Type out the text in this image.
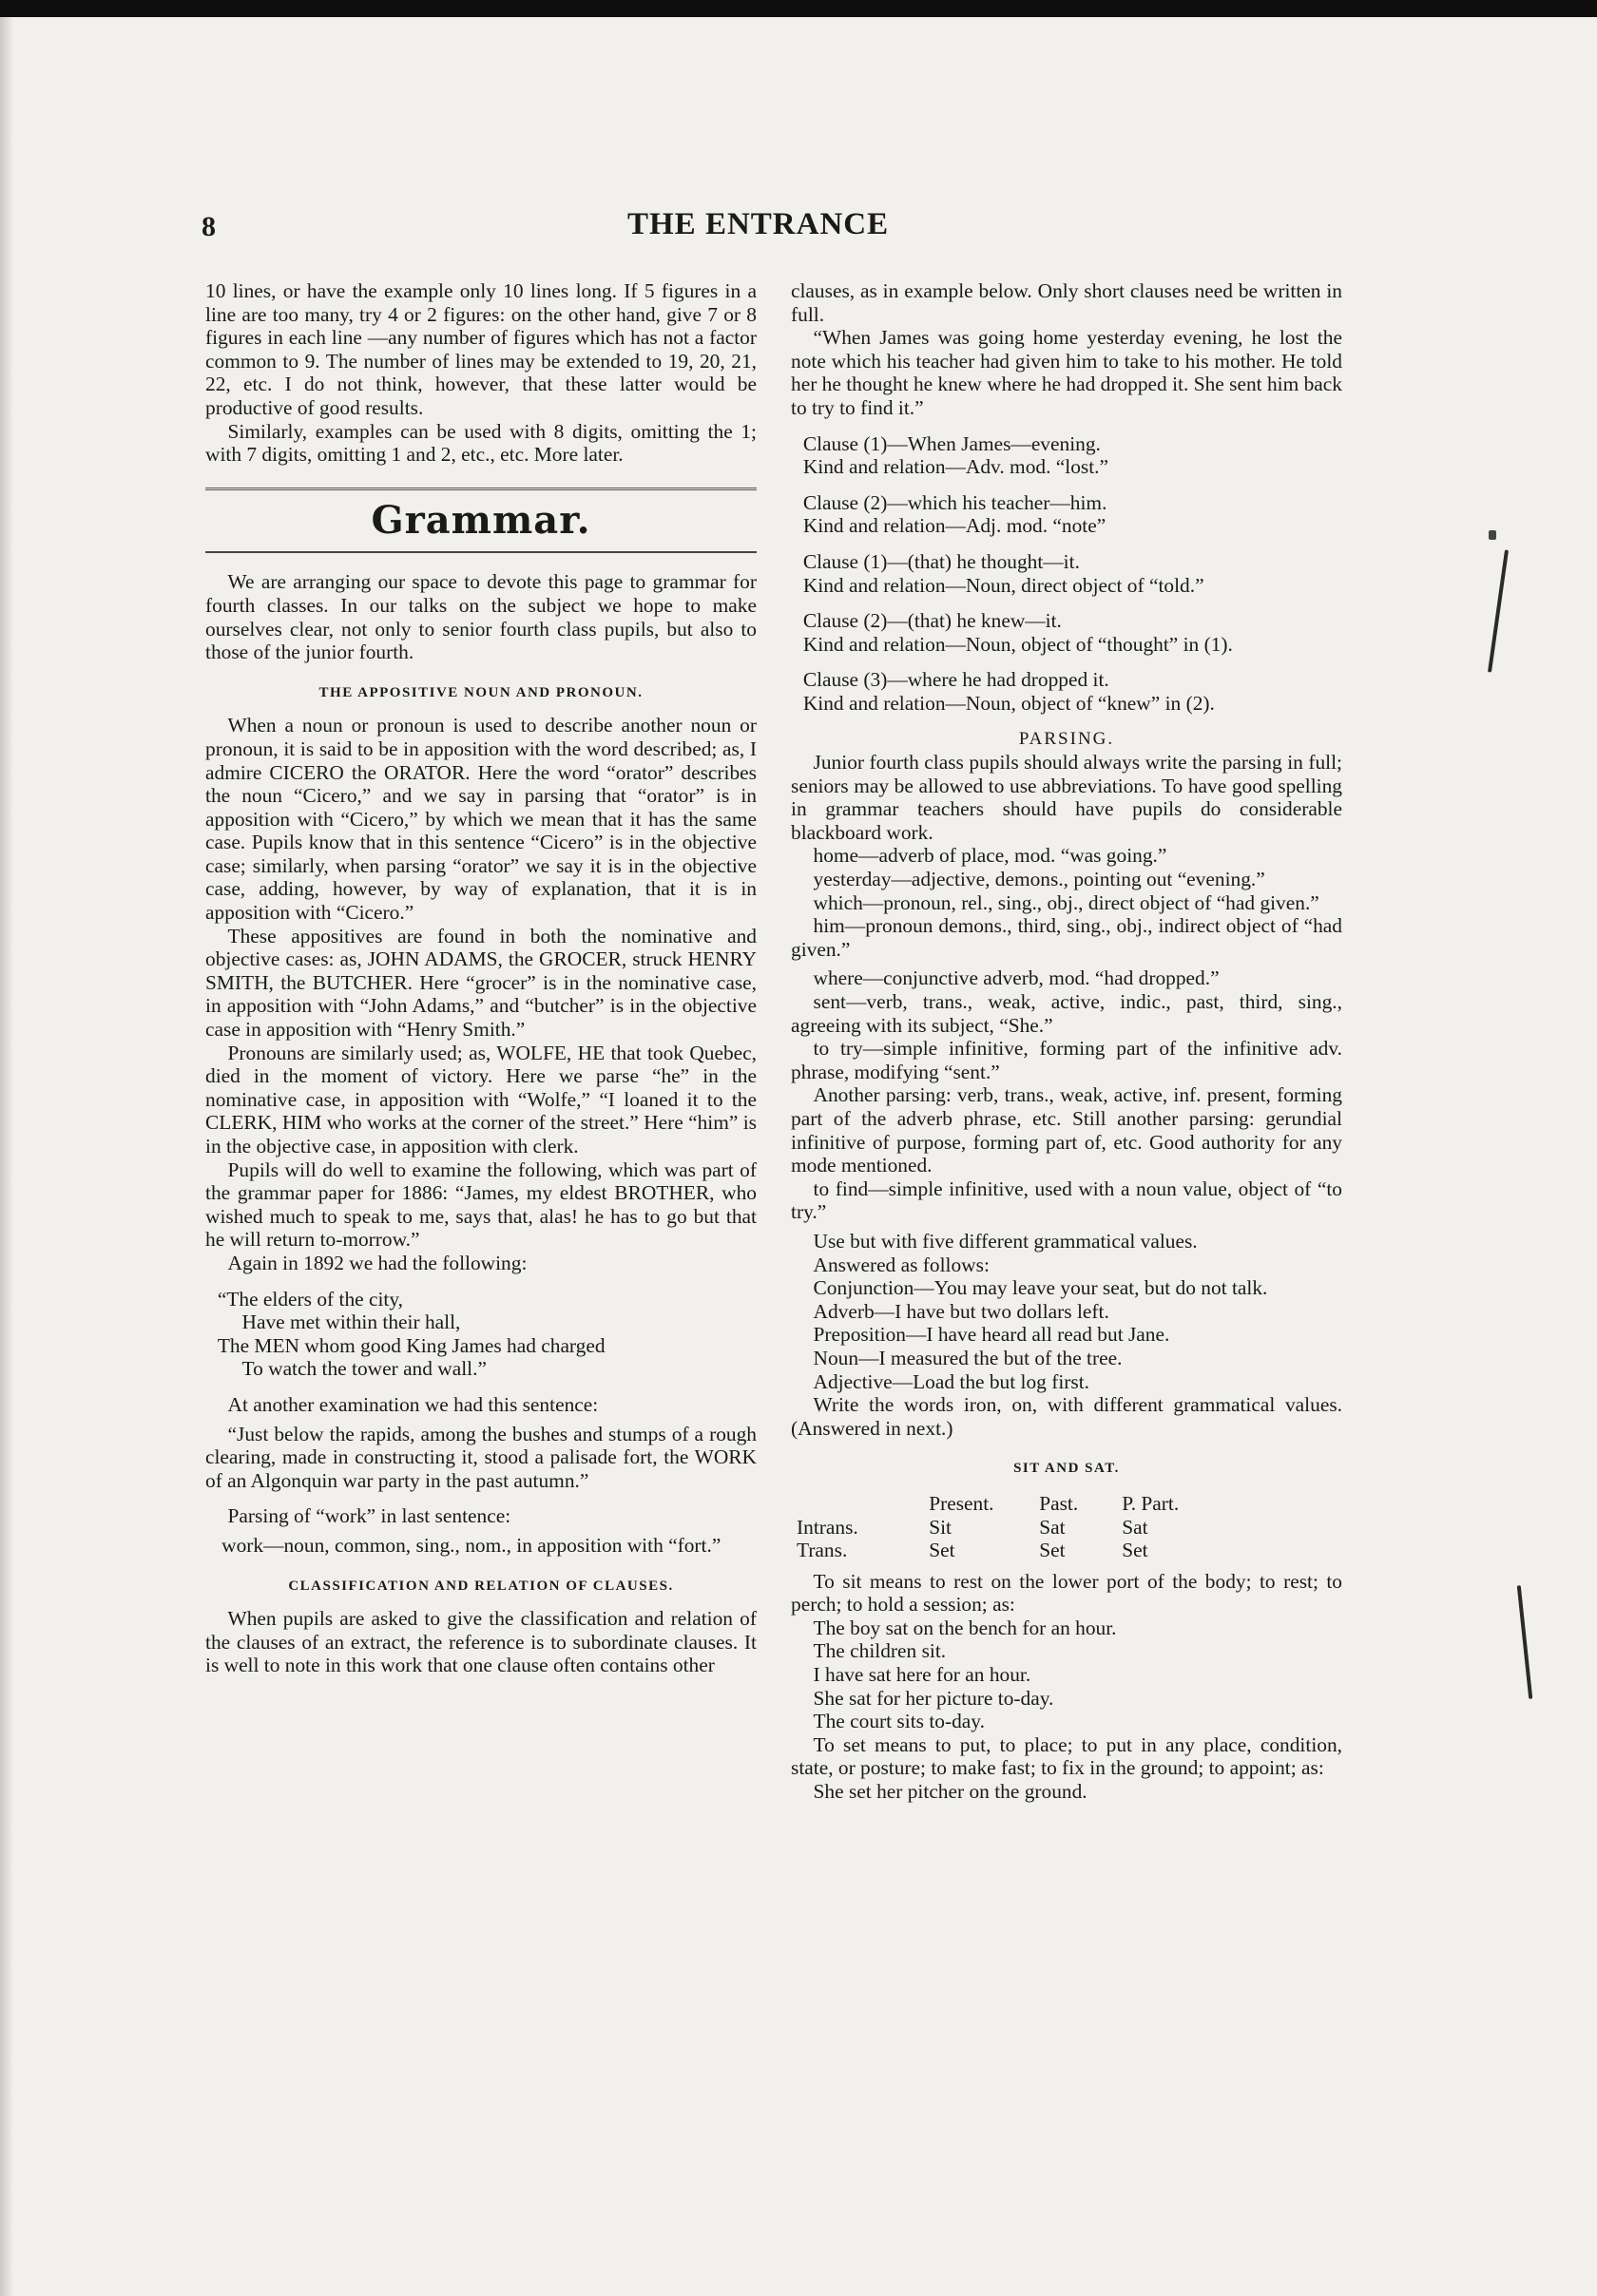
8	THE ENTRANCE

10 lines, or have the example only 10 lines long. If 5 figures in a line are too many, try 4 or 2 figures: on the other hand, give 7 or 8 figures in each line —any number of figures which has not a factor common to 9. The number of lines may be extended to 19, 20, 21, 22, etc. I do not think, however, that these latter would be productive of good results.

Similarly, examples can be used with 8 digits, omitting the 1; with 7 digits, omitting 1 and 2, etc., etc. More later.

Grammar.

We are arranging our space to devote this page to grammar for fourth classes. In our talks on the subject we hope to make ourselves clear, not only to senior fourth class pupils, but also to those of the junior fourth.

THE APPOSITIVE NOUN AND PRONOUN.

When a noun or pronoun is used to describe another noun or pronoun, it is said to be in apposition with the word described; as, I admire CICERO the ORATOR. Here the word “orator” describes the noun “Cicero,” and we say in parsing that “orator” is in apposition with “Cicero,” by which we mean that it has the same case. Pupils know that in this sentence “Cicero” is in the objective case; similarly, when parsing “orator” we say it is in the objective case, adding, however, by way of explanation, that it is in apposition with “Cicero.”

These appositives are found in both the nominative and objective cases: as, JOHN ADAMS, the GROCER, struck HENRY SMITH, the BUTCHER. Here “grocer” is in the nominative case, in apposition with “John Adams,” and “butcher” is in the objective case in apposition with “Henry Smith.”

Pronouns are similarly used; as, WOLFE, HE that took Quebec, died in the moment of victory. Here we parse “he” in the nominative case, in apposition with “Wolfe,” “I loaned it to the CLERK, HIM who works at the corner of the street.” Here “him” is in the objective case, in apposition with clerk.

Pupils will do well to examine the following, which was part of the grammar paper for 1886: “James, my eldest BROTHER, who wished much to speak to me, says that, alas! he has to go but that he will return to-morrow.”

Again in 1892 we had the following:

“The elders of the city,

Have met within their hall,

The MEN whom good King James had charged

To watch the tower and wall.”

At another examination we had this sentence:

“Just below the rapids, among the bushes and stumps of a rough clearing, made in constructing it, stood a palisade fort, the WORK of an Algonquin war party in the past autumn.”

Parsing of “work” in last sentence:

work—noun, common, sing., nom., in apposition with “fort.”

CLASSIFICATION AND RELATION OF CLAUSES.

When pupils are asked to give the classification and relation of the clauses of an extract, the reference is to subordinate clauses. It is well to note in this work that one clause often contains other

clauses, as in example below. Only short clauses need be written in full.

“When James was going home yesterday evening, he lost the note which his teacher had given him to take to his mother. He told her he thought he knew where he had dropped it. She sent him back to try to find it.”

Clause (1)—When James—evening.

Kind and relation—Adv. mod. “lost.”

Clause (2)—which his teacher—him.

Kind and relation—Adj. mod. “note”

Clause (1)—(that) he thought—it.

Kind and relation—Noun, direct object of “told.”

Clause (2)—(that) he knew—it.

Kind and relation—Noun, object of “thought” in (1).

Clause (3)—where he had dropped it.

Kind and relation—Noun, object of “knew” in (2).

PARSING.

Junior fourth class pupils should always write the parsing in full; seniors may be allowed to use abbreviations. To have good spelling in grammar teachers should have pupils do considerable blackboard work.

home—adverb of place, mod. “was going.”

yesterday—adjective, demons., pointing out “evening.”

which—pronoun, rel., sing., obj., direct object of “had given.”

him—pronoun demons., third, sing., obj., indirect object of “had given.”

where—conjunctive adverb, mod. “had dropped.”

sent—verb, trans., weak, active, indic., past, third, sing., agreeing with its subject, “She.”

to try—simple infinitive, forming part of the infinitive adv. phrase, modifying “sent.”

Another parsing: verb, trans., weak, active, inf. present, forming part of the adverb phrase, etc. Still another parsing: gerundial infinitive of purpose, forming part of, etc. Good authority for any mode mentioned.

to find—simple infinitive, used with a noun value, object of “to try.”

Use but with five different grammatical values.

Answered as follows:

Conjunction—You may leave your seat, but do not talk.

Adverb—I have but two dollars left.

Preposition—I have heard all read but Jane.

Noun—I measured the but of the tree.

Adjective—Load the but log first.

Write the words iron, on, with different grammatical values. (Answered in next.)

SIT AND SAT.

	Present.	Past.	P. Part.
Intrans.	Sit	Sat	Sat
Trans.	Set	Set	Set

To sit means to rest on the lower port of the body; to rest; to perch; to hold a session; as:

The boy sat on the bench for an hour.

The children sit.

I have sat here for an hour.

She sat for her picture to-day.

The court sits to-day.

To set means to put, to place; to put in any place, condition, state, or posture; to make fast; to fix in the ground; to appoint; as:

She set her pitcher on the ground.
